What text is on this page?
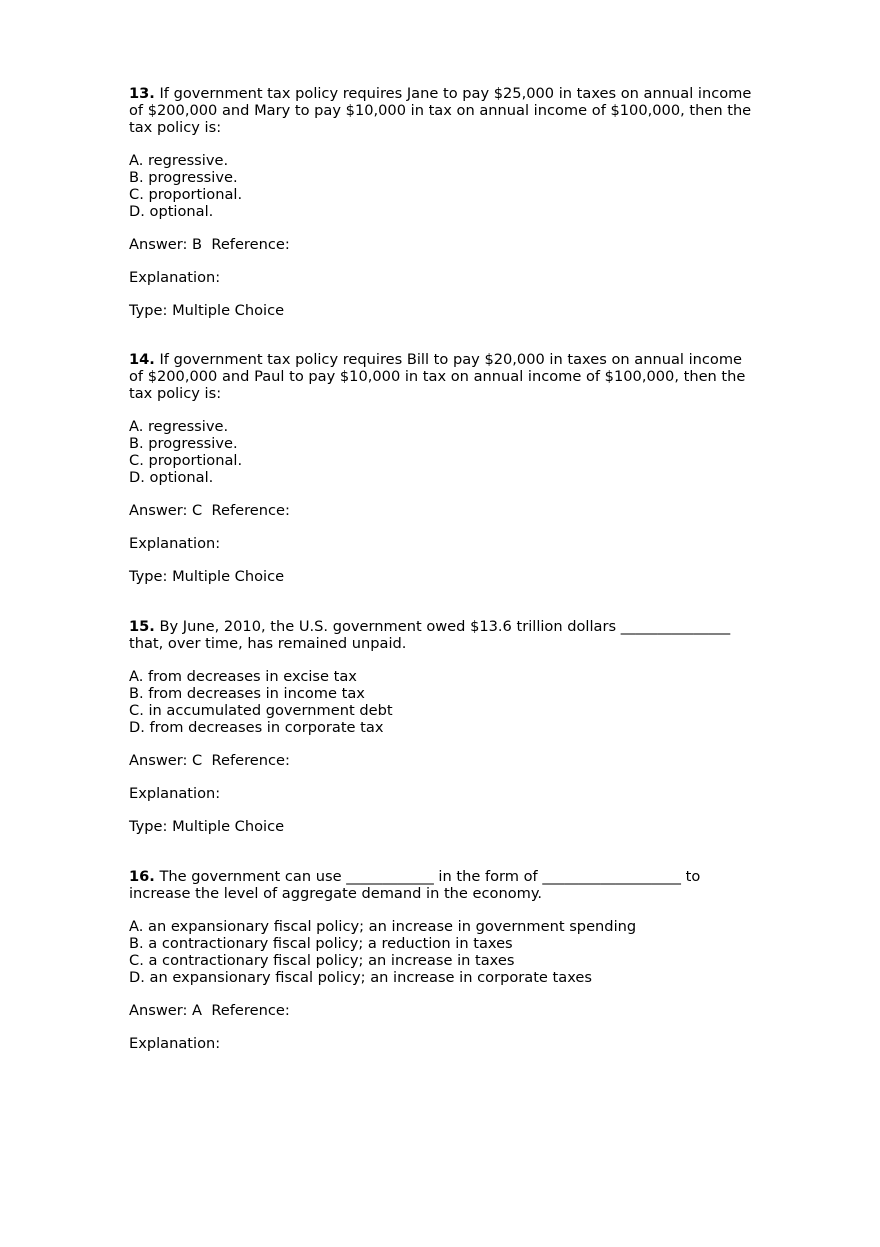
13. If government tax policy requires Jane to pay $25,000 in taxes on annual income of $200,000 and Mary to pay $10,000 in tax on annual income of $100,000, then the tax policy is:

A. regressive.
B. progressive.
C. proportional.
D. optional.
Answer: B Reference:
Explanation:
Type: Multiple Choice

14. If government tax policy requires Bill to pay $20,000 in taxes on annual income of $200,000 and Paul to pay $10,000 in tax on annual income of $100,000, then the tax policy is:

A. regressive.
B. progressive.
C. proportional.
D. optional.
Answer: C Reference:
Explanation:
Type: Multiple Choice

15. By June, 2010, the U.S. government owed $13.6 trillion dollars _______________ that, over time, has remained unpaid.

A. from decreases in excise tax
B. from decreases in income tax
C. in accumulated government debt
D. from decreases in corporate tax
Answer: C Reference:
Explanation:
Type: Multiple Choice

16. The government can use ____________ in the form of ___________________ to increase the level of aggregate demand in the economy.

A. an expansionary fiscal policy; an increase in government spending
B. a contractionary fiscal policy; a reduction in taxes
C. a contractionary fiscal policy; an increase in taxes
D. an expansionary fiscal policy; an increase in corporate taxes
Answer: A Reference:
Explanation:
